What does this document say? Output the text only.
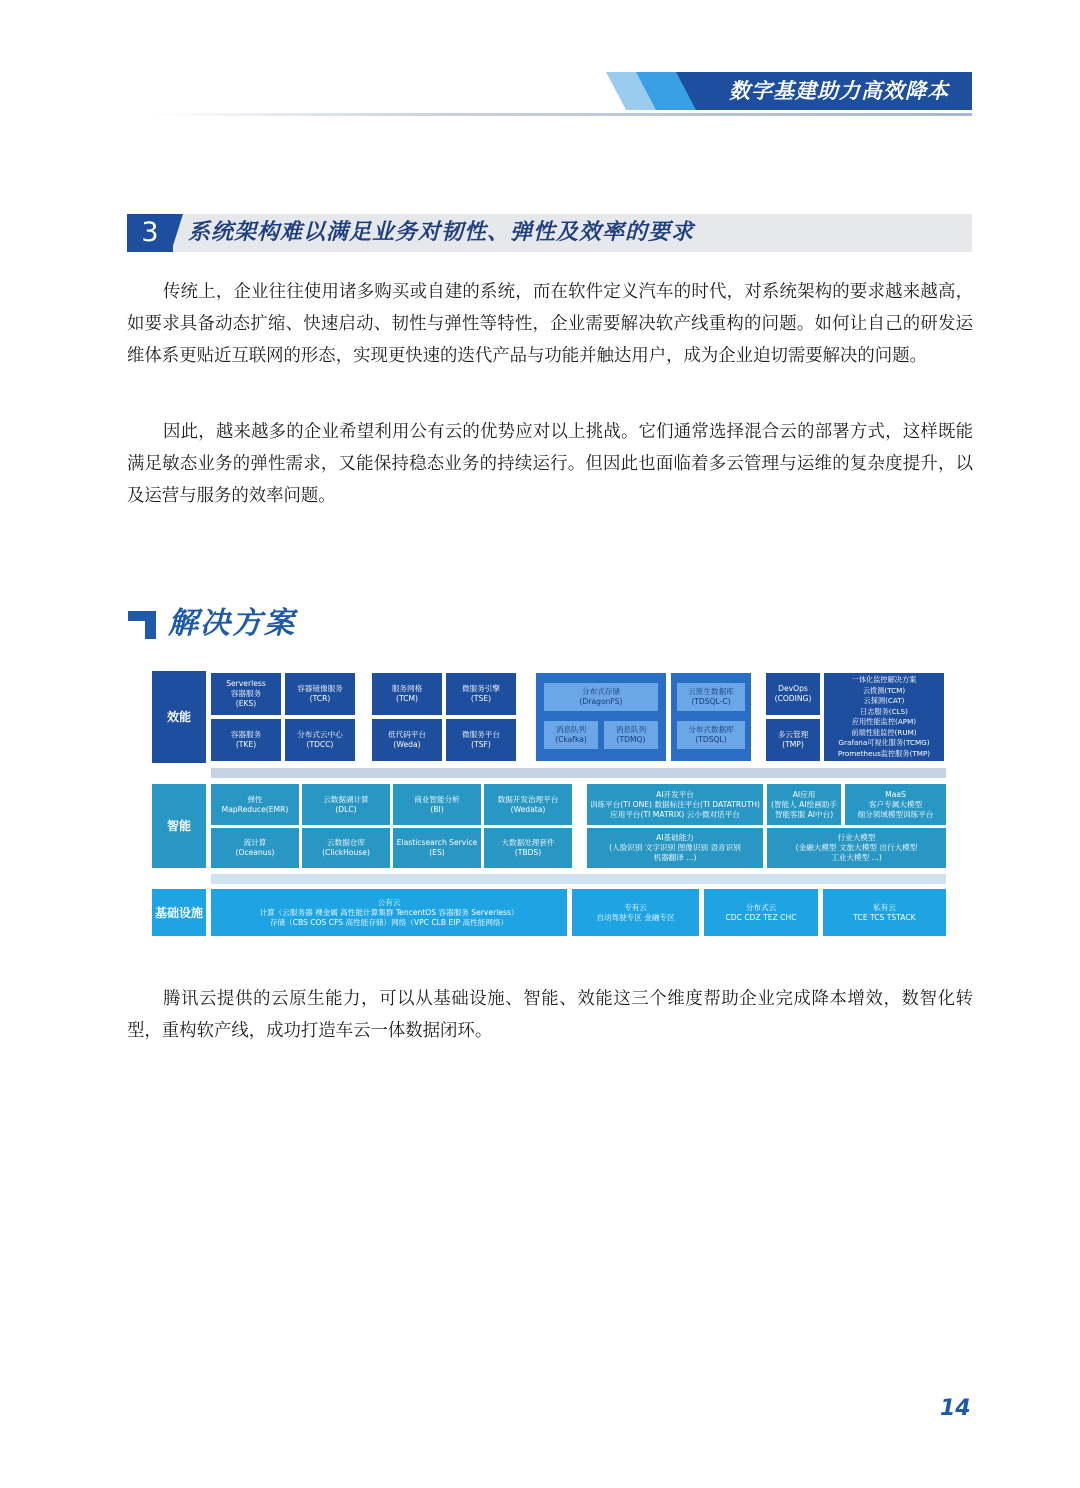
数字基建助力高效降本
3	系统架构难以满足业务对韧性、弹性及效率的要求

传统上，企业往往使用诸多购买或自建的系统，而在软件定义汽车的时代，对系统架构的要求越来越高，如要求具备动态扩缩、快速启动、韧性与弹性等特性，企业需要解决软产线重构的问题。如何让自己的研发运维体系更贴近互联网的形态，实现更快速的迭代产品与功能并触达用户，成为企业迫切需要解决的问题。

因此，越来越多的企业希望利用公有云的优势应对以上挑战。它们通常选择混合云的部署方式，这样既能满足敏态业务的弹性需求，又能保持稳态业务的持续运行。但因此也面临着多云管理与运维的复杂度提升，以及运营与服务的效率问题。

解决方案
效能
Serverless
容器服务
(EKS)
容器镜像服务
(TCR)
容器服务
(TKE)
分布式云中心
(TDCC)
服务网格
(TCM)
微服务引擎
(TSE)
低代码平台
(Weda)
微服务平台
(TSF)
分布式存储
(DragonFS)
消息队列
(Ckafka)
消息队列
(TDMQ)
云原生数据库
(TDSQL-C)
分布式数据库
(TDSQL)
DevOps
(CODING)
多云管理
(TMP)
一体化监控解决方案
云拨测(TCM)
云探测(CAT)
日志服务(CLS)
应用性能监控(APM)
前端性能监控(RUM)
Grafana可视化服务(TCMG)
Prometheus监控服务(TMP)
智能
弹性
MapReduce(EMR)
云数据湖计算
(DLC)
商业智能分析
(BI)
数据开发治理平台
(Wedata)
流计算
(Oceanus)
云数据仓库
(ClickHouse)
Elasticsearch Service
(ES)
大数据处理套件
(TBDS)
AI开发平台
训练平台(TI ONE) 数据标注平台(TI DATATRUTH)
应用平台(TI MATRIX) 云小微对话平台
AI应用
(智能人 AI绘画助手
智能客服 AI中台)
MaaS
客户专属大模型
细分领域模型训练平台
AI基础能力
(人脸识别 文字识别 图像识别 语音识别
机器翻译 ...)
行业大模型
(金融大模型 文旅大模型 出行大模型
工业大模型 ...)
基础设施
公有云
计算（云服务器 裸金属 高性能计算集群 TencentOS 容器服务 Serverless）
存储（CBS COS CFS 高性能存储）网络（VPC CLB EIP 高性能网络）
专有云
自动驾驶专区 金融专区
分布式云
CDC CDZ TEZ CHC
私有云
TCE TCS TSTACK

腾讯云提供的云原生能力，可以从基础设施、智能、效能这三个维度帮助企业完成降本增效，数智化转型，重构软产线，成功打造车云一体数据闭环。

14
